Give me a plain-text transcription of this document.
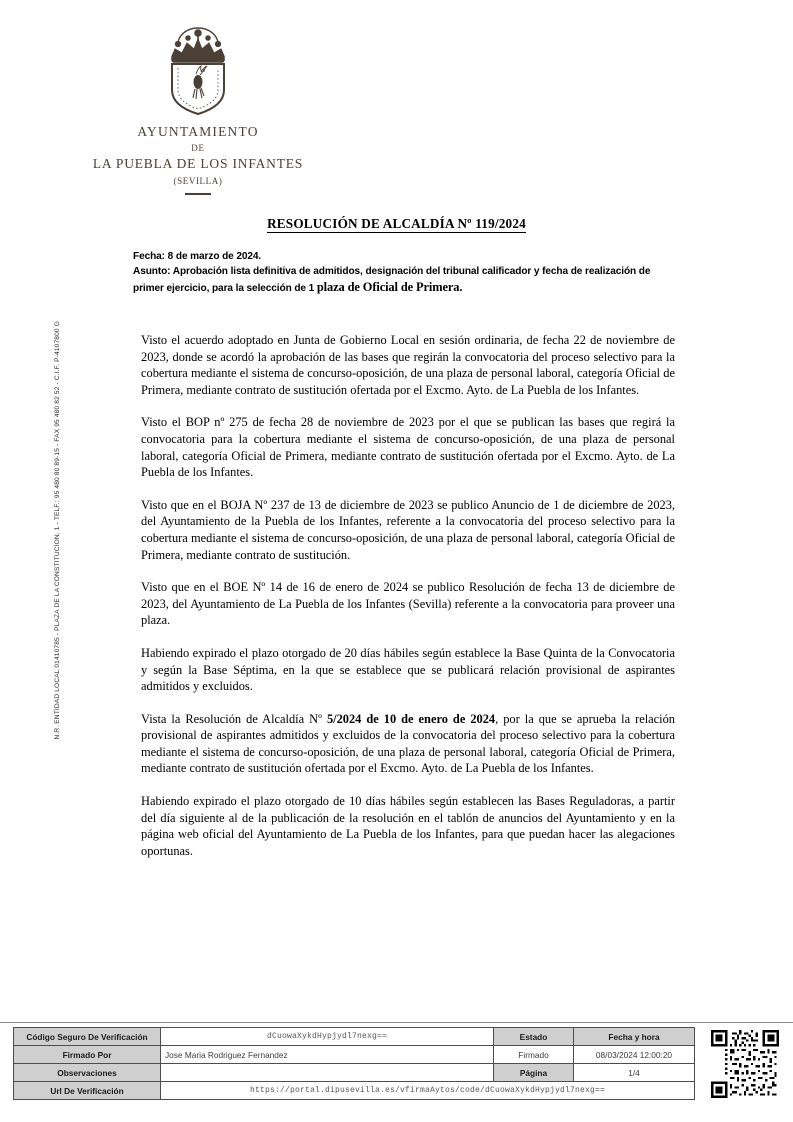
N.R. ENTIDAD LOCAL 01410785 - PLAZA DE LA CONSTITUCION, 1 - TELF.: 95 480 80 89-15 - FAX 95 480 82 52 - C.I.F. P-4107800 G
AYUNTAMIENTO
DE
LA PUEBLA DE LOS INFANTES
(SEVILLA)
RESOLUCIÓN DE ALCALDÍA Nº 119/2024
Fecha: 8 de marzo de 2024.
Asunto: Aprobación lista definitiva de admitidos, designación del tribunal calificador y fecha de realización de primer ejercicio, para la selección de 1 plaza de Oficial de Primera.

Visto el acuerdo adoptado en Junta de Gobierno Local en sesión ordinaria, de fecha 22 de noviembre de 2023, donde se acordó la aprobación de las bases que regirán la convocatoria del proceso selectivo para la cobertura mediante el sistema de concurso-oposición, de una plaza de personal laboral, categoría Oficial de Primera, mediante contrato de sustitución ofertada por el Excmo. Ayto. de La Puebla de los Infantes.

Visto el BOP nº 275 de fecha 28 de noviembre de 2023 por el que se publican las bases que regirá la convocatoria para la cobertura mediante el sistema de concurso-oposición, de una plaza de personal laboral, categoría Oficial de Primera, mediante contrato de sustitución ofertada por el Excmo. Ayto. de La Puebla de los Infantes.

Visto que en el BOJA Nº 237 de 13 de diciembre de 2023 se publico Anuncio de 1 de diciembre de 2023, del Ayuntamiento de la Puebla de los Infantes, referente a la convocatoria del proceso selectivo para la cobertura mediante el sistema de concurso-oposición, de una plaza de personal laboral, categoría Oficial de Primera, mediante contrato de sustitución.

Visto que en el BOE Nº 14 de 16 de enero de 2024 se publico Resolución de fecha 13 de diciembre de 2023, del Ayuntamiento de La Puebla de los Infantes (Sevilla) referente a la convocatoria para proveer una plaza.

Habiendo expirado el plazo otorgado de 20 días hábiles según establece la Base Quinta de la Convocatoria y según la Base Séptima, en la que se establece que se publicará relación provisional de aspirantes admitidos y excluidos.

Vista la Resolución de Alcaldía Nº 5/2024 de 10 de enero de 2024, por la que se aprueba la relación provisional de aspirantes admitidos y excluidos de la convocatoria del proceso selectivo para la cobertura mediante el sistema de concurso-oposición, de una plaza de personal laboral, categoría Oficial de Primera, mediante contrato de sustitución ofertada por el Excmo. Ayto. de La Puebla de los Infantes.

Habiendo expirado el plazo otorgado de 10 días hábiles según establecen las Bases Reguladoras, a partir del día siguiente al de la publicación de la resolución en el tablón de anuncios del Ayuntamiento y en la página web oficial del Ayuntamiento de La Puebla de los Infantes, para que puedan hacer las alegaciones oportunas.

Código Seguro De Verificación	dCuowaXykdHypjydl7nexg==	Estado	Fecha y hora
Firmado Por	Jose Maria Rodriguez Fernandez	Firmado	08/03/2024 12:00:20
Observaciones		Página	1/4
Url De Verificación	https://portal.dipusevilla.es/vfirmaAytos/code/dCuowaXykdHypjydl7nexg==		
